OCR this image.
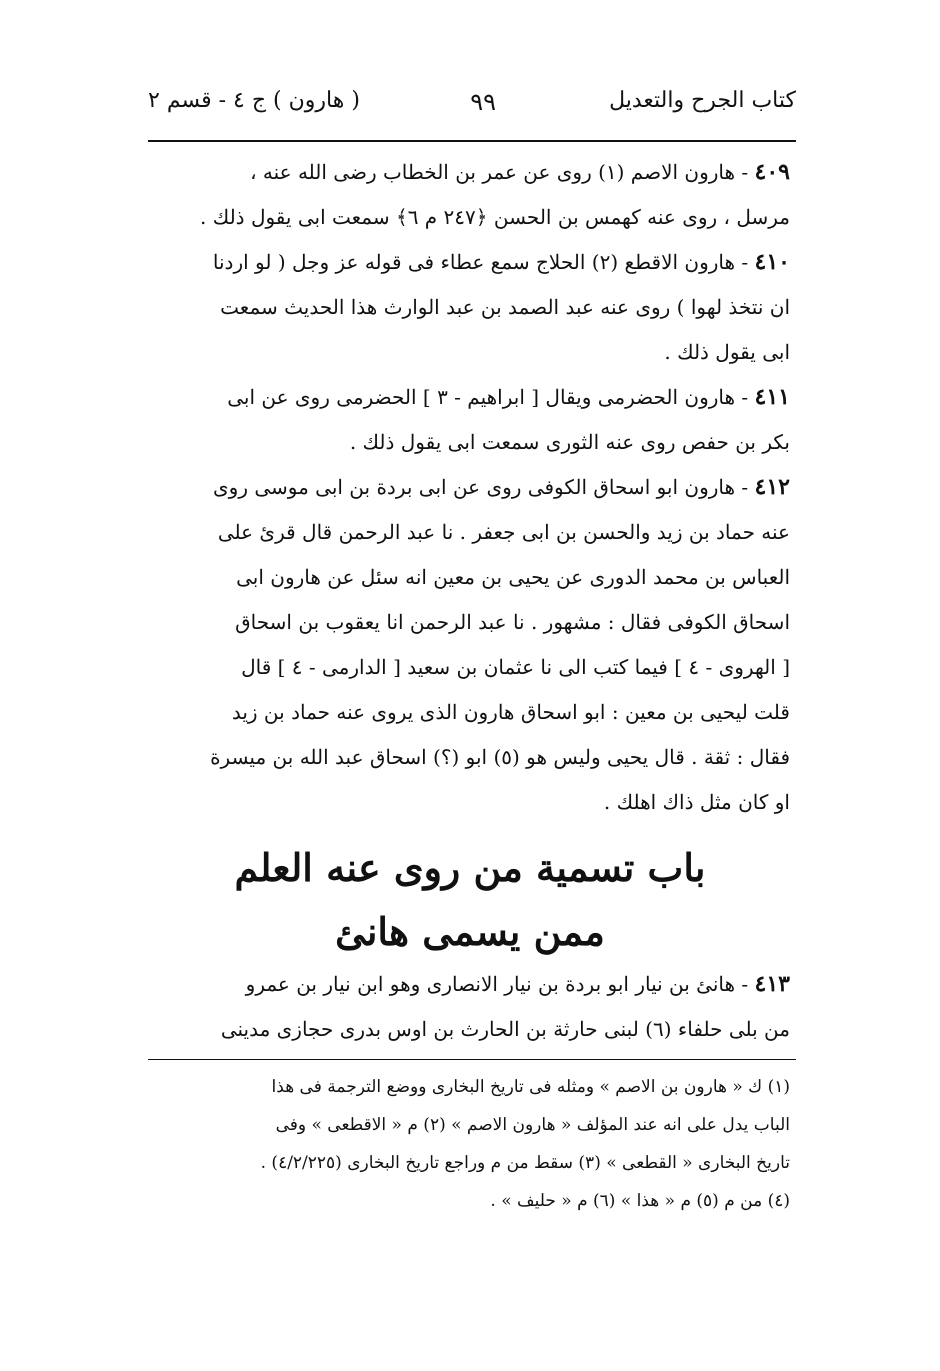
كتاب الجرح والتعديل
٩٩
( هارون ) ج ٤ - قسم ٢
٤٠٩ - هارون الاصم (١) روى عن عمر بن الخطاب رضى الله عنه ،
مرسل ، روى عنه كهمس بن الحسن ﴿٢٤٧ م ٦﴾ سمعت ابى يقول ذلك .
٤١٠ - هارون الاقطع (٢) الحلاج سمع عطاء فى قوله عز وجل ( لو اردنا
ان نتخذ لهوا ) روى عنه عبد الصمد بن عبد الوارث هذا الحديث سمعت
ابى يقول ذلك .
٤١١ - هارون الحضرمى ويقال [ ابراهيم - ٣ ] الحضرمى روى عن ابى
بكر بن حفص روى عنه الثورى سمعت ابى يقول ذلك .
٤١٢ - هارون ابو اسحاق الكوفى روى عن ابى بردة بن ابى موسى روى
عنه حماد بن زيد والحسن بن ابى جعفر . نا عبد الرحمن قال قرئ على
العباس بن محمد الدورى عن يحيى بن معين انه سئل عن هارون ابى
اسحاق الكوفى فقال : مشهور . نا عبد الرحمن انا يعقوب بن اسحاق
[ الهروى - ٤ ] فيما كتب الى نا عثمان بن سعيد [ الدارمى - ٤ ] قال
قلت ليحيى بن معين : ابو اسحاق هارون الذى يروى عنه حماد بن زيد
فقال : ثقة . قال يحيى وليس هو (٥) ابو (؟) اسحاق عبد الله بن ميسرة
او كان مثل ذاك اهلك .
باب تسمية من روى عنه العلم
ممن يسمى هانئ
٤١٣ - هانئ بن نيار ابو بردة بن نيار الانصارى وهو ابن نيار بن عمرو
من بلى حلفاء (٦) لبنى حارثة بن الحارث بن اوس بدرى حجازى مدينى
(١) ك « هارون بن الاصم » ومثله فى تاريخ البخارى ووضع الترجمة فى هذا
الباب يدل على انه عند المؤلف « هارون الاصم » (٢) م « الاقطعى » وفى
تاريخ البخارى « القطعى » (٣) سقط من م وراجع تاريخ البخارى (٤/٢/٢٢٥) .
(٤) من م (٥) م « هذا » (٦) م « حليف » .
